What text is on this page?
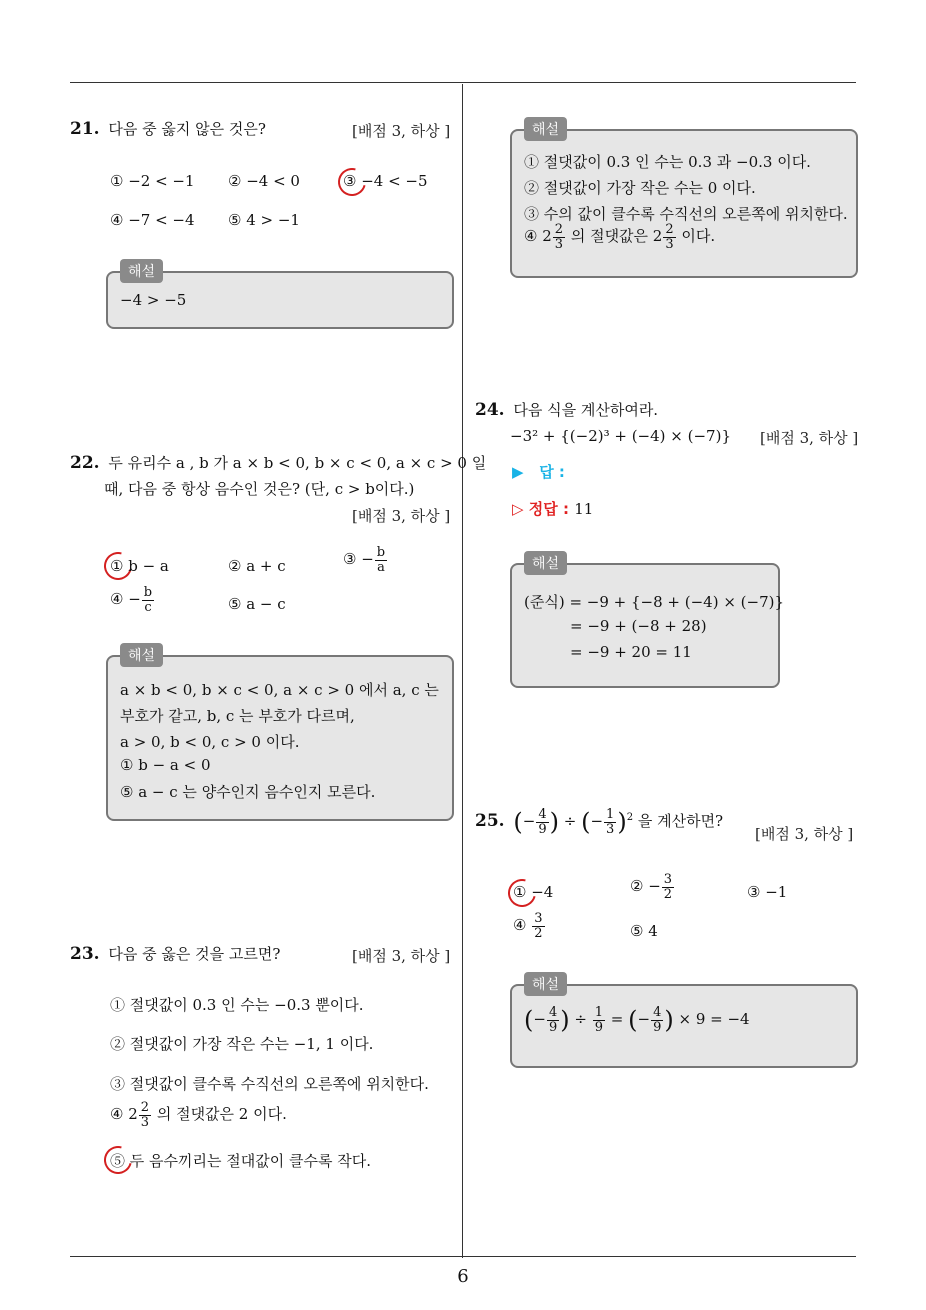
21. 다음 중 옳지 않은 것은?	[배점 3, 하상 ]
① −2 < −1 ② −4 < 0	③ −4 < −5
④ −7 < −4 ⑤ 4 > −1
해설
−4 > −5
22. 두 유리수 a , b 가 a × b < 0, b × c < 0, a × c > 0 일
때, 다음 중 항상 음수인 것은? (단, c > b이다.)
[배점 3, 하상 ]
① b − a	② a + c	③ − $\frac{b}{a}$
④ − $\frac{b}{c}$	⑤ a − c
해설
a × b < 0, b × c < 0, a × c > 0 에서 a, c 는
부호가 같고, b, c 는 부호가 다르며,
a > 0, b < 0, c > 0 이다.
① b − a < 0
⑤ a − c 는 양수인지 음수인지 모른다.
23. 다음 중 옳은 것을 고르면?	[배점 3, 하상 ]
① 절댓값이 0.3 인 수는 −0.3 뿐이다.
② 절댓값이 가장 작은 수는 −1, 1 이다.
③ 절댓값이 클수록 수직선의 오른쪽에 위치한다.
④ $2 \frac{2}{3}$ 의 절댓값은 2 이다.
⑤ 두 음수끼리는 절대값이 클수록 작다.
해설
① 절댓값이 0.3 인 수는 0.3 과 −0.3 이다.
② 절댓값이 가장 작은 수는 0 이다.
③ 수의 값이 클수록 수직선의 오른쪽에 위치한다.
④ $2 \frac{2}{3}$ 의 절댓값은 $2 \frac{2}{3}$ 이다.
24. 다음 식을 계산하여라.
−3² + {(−2)³ + (−4) × (−7)} [배점 3, 하상 ]
▶ 답 :
▷ 정답 : 11
해설
(준식) = −9 + {−8 + (−4) × (−7)}
= −9 + (−8 + 28)
= −9 + 20 = 11
25. (− $\frac{4}{9}$ ) ÷ (− $\frac{1}{3} )^2$ 을 계산하면?
[배점 3, 하상 ]
① −4	② − $\frac{3}{2}$	③ −1
④ $\frac{3}{2}$	⑤ 4
해설
(− $\frac{4}{9}$ ) ÷ $\frac{1}{9}$ = (− $\frac{4}{9}$ ) × 9 = −4
6
